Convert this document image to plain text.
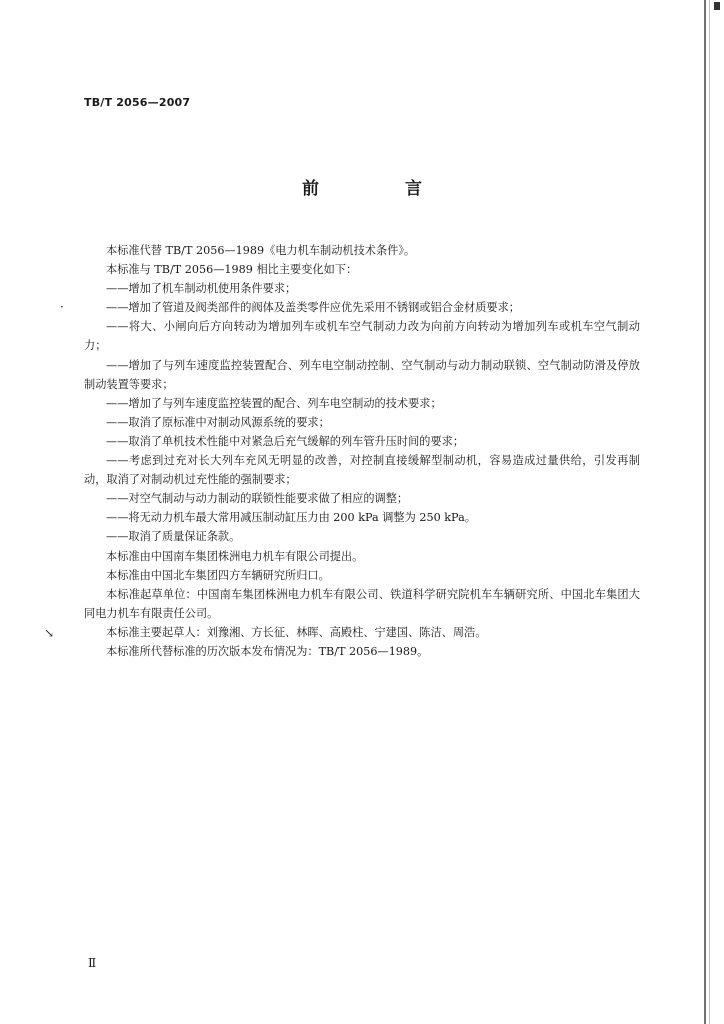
TB/T 2056—2007
前 言

本标准代替 TB/T 2056—1989《电力机车制动机技术条件》。

本标准与 TB/T 2056—1989 相比主要变化如下：

——增加了机车制动机使用条件要求；

——增加了管道及阀类部件的阀体及盖类零件应优先采用不锈钢或铝合金材质要求；

——将大、小闸向后方向转动为增加列车或机车空气制动力改为向前方向转动为增加列车或机车空气制动力；

——增加了与列车速度监控装置配合、列车电空制动控制、空气制动与动力制动联锁、空气制动防滑及停放制动装置等要求；

——增加了与列车速度监控装置的配合、列车电空制动的技术要求；

——取消了原标准中对制动风源系统的要求；

——取消了单机技术性能中对紧急后充气缓解的列车管升压时间的要求；

——考虑到过充对长大列车充风无明显的改善，对控制直接缓解型制动机，容易造成过量供给，引发再制动，取消了对制动机过充性能的强制要求；

——对空气制动与动力制动的联锁性能要求做了相应的调整；

——将无动力机车最大常用减压制动缸压力由 200 kPa 调整为 250 kPa。

——取消了质量保证条款。

本标准由中国南车集团株洲电力机车有限公司提出。

本标准由中国北车集团四方车辆研究所归口。

本标准起草单位：中国南车集团株洲电力机车有限公司、铁道科学研究院机车车辆研究所、中国北车集团大同电力机车有限责任公司。

本标准主要起草人：刘豫湘、方长征、林晖、高殿柱、宁建国、陈洁、周浩。

本标准所代替标准的历次版本发布情况为：TB/T 2056—1989。

·
↘
Ⅱ
